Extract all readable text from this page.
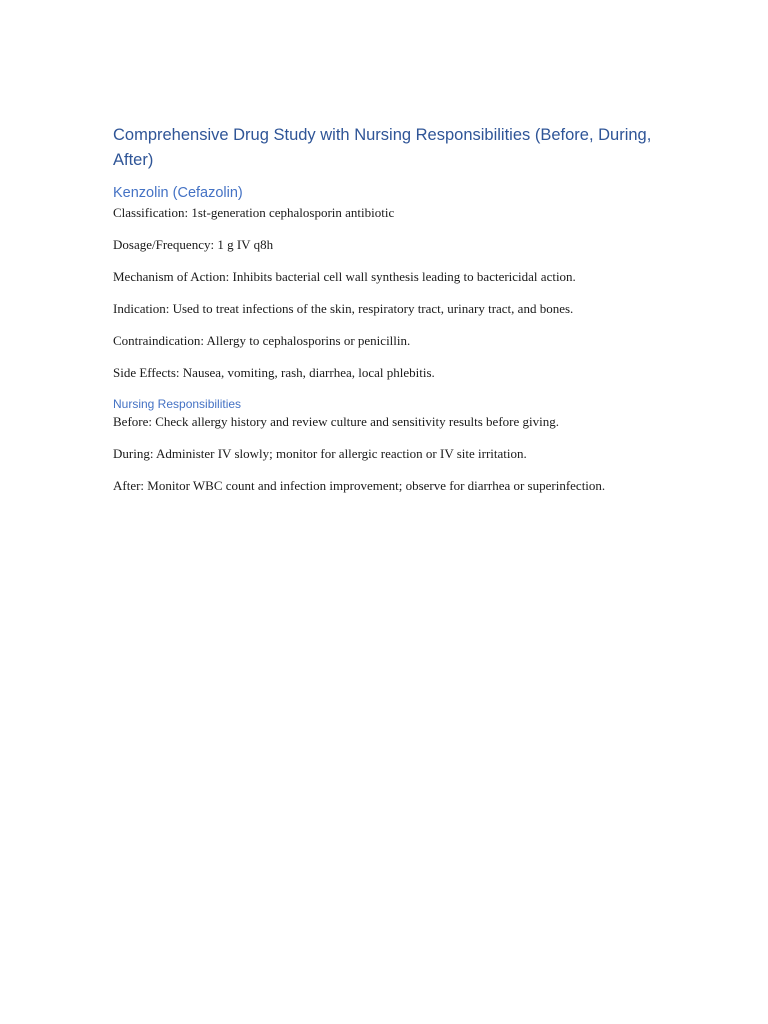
Comprehensive Drug Study with Nursing Responsibilities (Before, During, After)
Kenzolin (Cefazolin)

Classification: 1st-generation cephalosporin antibiotic

Dosage/Frequency: 1 g IV q8h

Mechanism of Action: Inhibits bacterial cell wall synthesis leading to bactericidal action.

Indication: Used to treat infections of the skin, respiratory tract, urinary tract, and bones.

Contraindication: Allergy to cephalosporins or penicillin.

Side Effects: Nausea, vomiting, rash, diarrhea, local phlebitis.

Nursing Responsibilities

Before: Check allergy history and review culture and sensitivity results before giving.

During: Administer IV slowly; monitor for allergic reaction or IV site irritation.

After: Monitor WBC count and infection improvement; observe for diarrhea or superinfection.
